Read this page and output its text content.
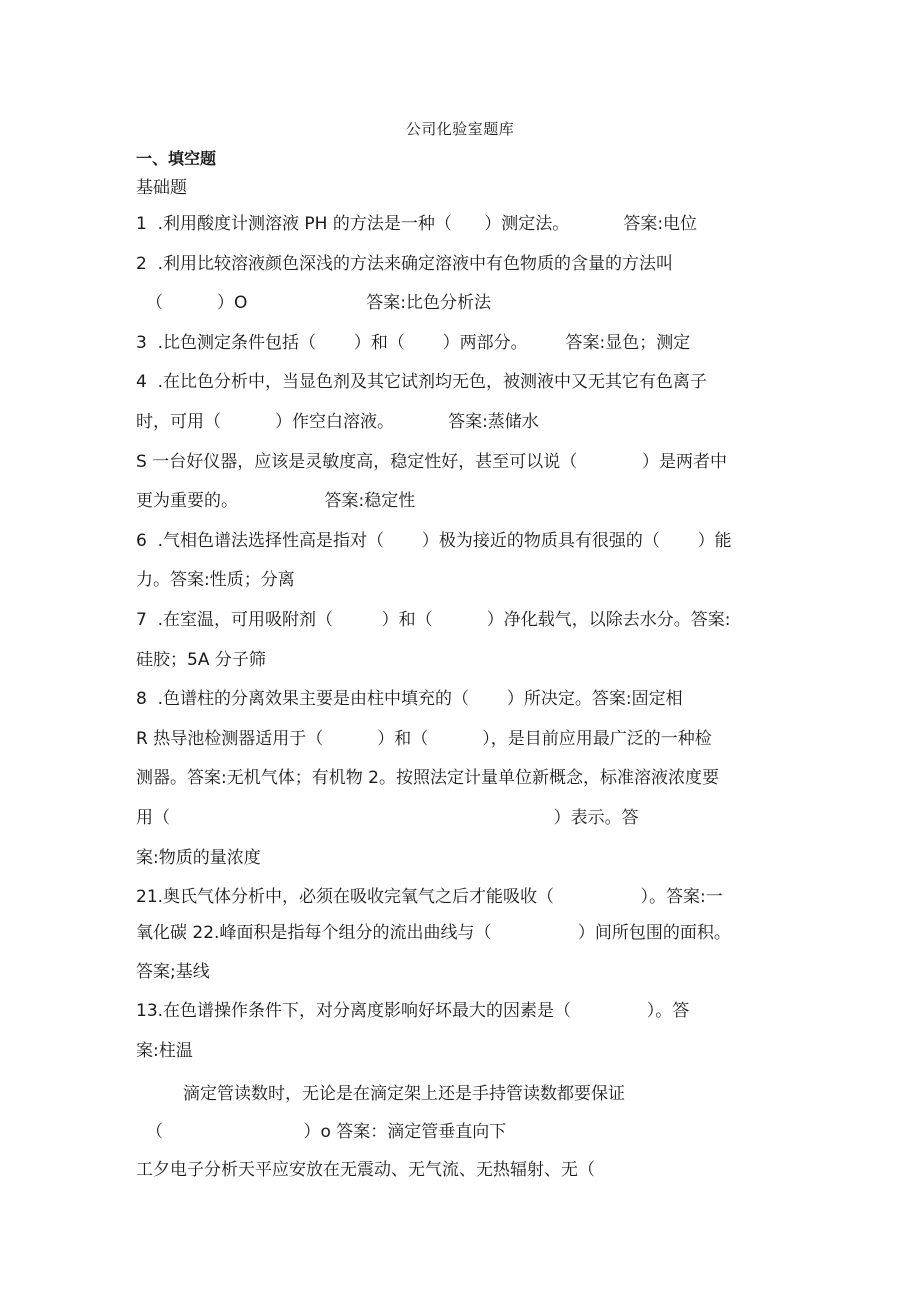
公司化验室题库
一、填空题
基础题
1  .利用酸度计测溶液 PH 的方法是一种（      ）测定法。          答案:电位
2  .利用比较溶液颜色深浅的方法来确定溶液中有色物质的含量的方法叫
（          ）O                      答案:比色分析法
3  .比色测定条件包括（       ）和（       ）两部分。       答案:显色；测定
4  .在比色分析中，当显色剂及其它试剂均无色，被测液中又无其它有色离子
时，可用（          ）作空白溶液。          答案:蒸储水
S 一台好仪器，应该是灵敏度高，稳定性好，甚至可以说（            ）是两者中
更为重要的。                答案:稳定性
6  .气相色谱法选择性高是指对（       ）极为接近的物质具有很强的（       ）能
力。答案:性质；分离
7  .在室温，可用吸附剂（         ）和（          ）净化载气，以除去水分。答案:
硅胶；5A 分子筛
8  .色谱柱的分离效果主要是由柱中填充的（       ）所决定。答案:固定相
R 热导池检测器适用于（          ）和（          ），是目前应用最广泛的一种检
测器。答案:无机气体；有机物 2。按照法定计量单位新概念，标准溶液浓度要
用（                                                                       ）表示。答
案:物质的量浓度
21.奥氏气体分析中，必须在吸收完氧气之后才能吸收（                ）。答案:一
氧化碳 22.峰面积是指每个组分的流出曲线与（                ）间所包围的面积。
答案;基线
13.在色谱操作条件下，对分离度影响好坏最大的因素是（              ）。答
案:柱温
滴定管读数时，无论是在滴定架上还是手持管读数都要保证
（                          ）o 答案：滴定管垂直向下
工夕电子分析天平应安放在无震动、无气流、无热辐射、无（
